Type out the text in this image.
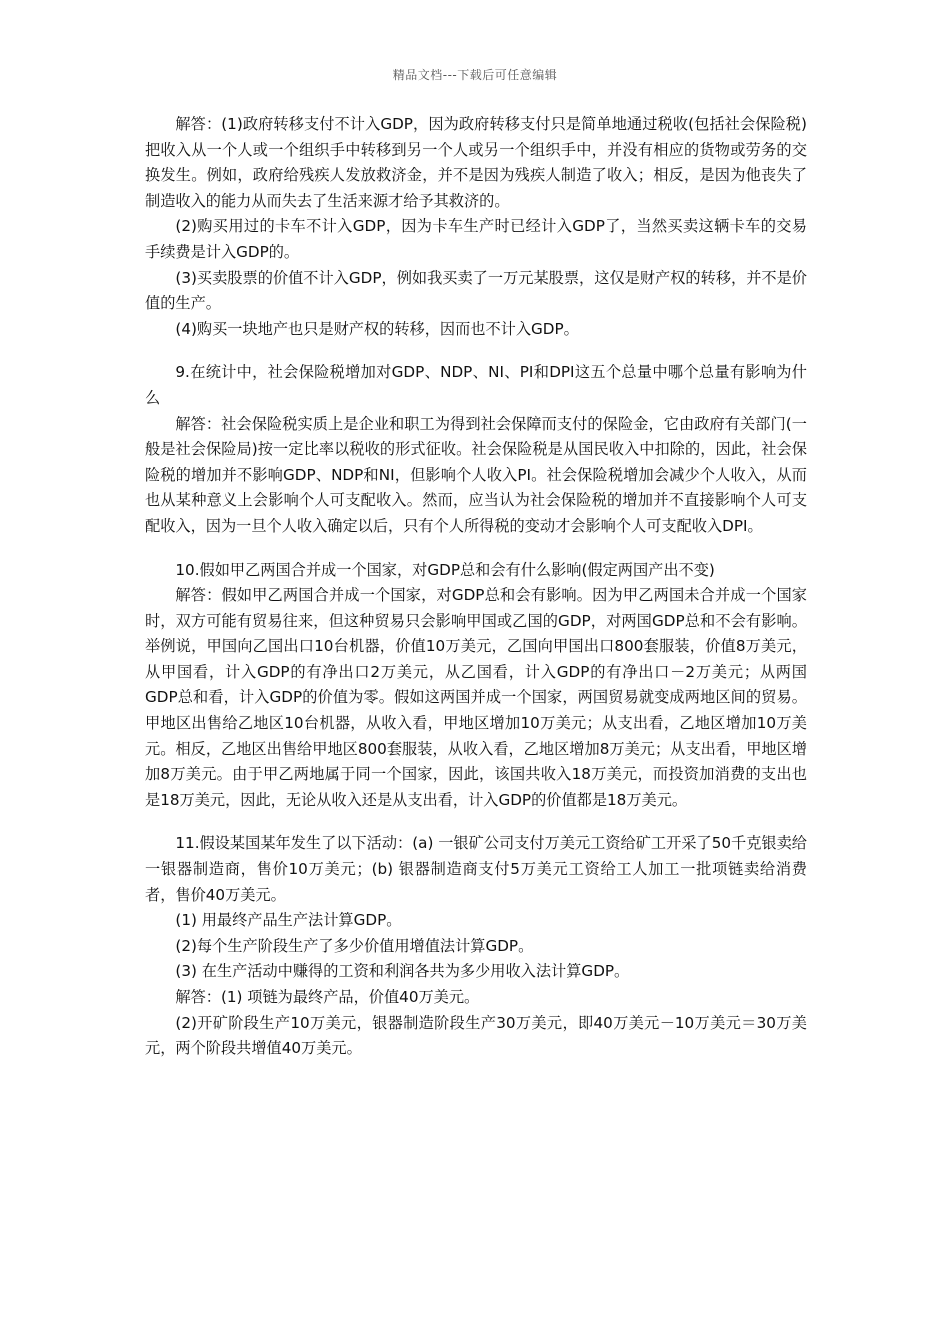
精品文档---下载后可任意编辑

解答：(1)政府转移支付不计入GDP，因为政府转移支付只是简单地通过税收(包括社会保险税)把收入从一个人或一个组织手中转移到另一个人或另一个组织手中，并没有相应的货物或劳务的交换发生。例如，政府给残疾人发放救济金，并不是因为残疾人制造了收入；相反，是因为他丧失了制造收入的能力从而失去了生活来源才给予其救济的。

(2)购买用过的卡车不计入GDP，因为卡车生产时已经计入GDP了，当然买卖这辆卡车的交易手续费是计入GDP的。

(3)买卖股票的价值不计入GDP，例如我买卖了一万元某股票，这仅是财产权的转移，并不是价值的生产。

(4)购买一块地产也只是财产权的转移，因而也不计入GDP。

9.在统计中，社会保险税增加对GDP、NDP、NI、PI和DPI这五个总量中哪个总量有影响为什么

解答：社会保险税实质上是企业和职工为得到社会保障而支付的保险金，它由政府有关部门(一般是社会保险局)按一定比率以税收的形式征收。社会保险税是从国民收入中扣除的，因此，社会保险税的增加并不影响GDP、NDP和NI，但影响个人收入PI。社会保险税增加会减少个人收入，从而也从某种意义上会影响个人可支配收入。然而，应当认为社会保险税的增加并不直接影响个人可支配收入，因为一旦个人收入确定以后，只有个人所得税的变动才会影响个人可支配收入DPI。

10.假如甲乙两国合并成一个国家，对GDP总和会有什么影响(假定两国产出不变)

解答：假如甲乙两国合并成一个国家，对GDP总和会有影响。因为甲乙两国未合并成一个国家时，双方可能有贸易往来，但这种贸易只会影响甲国或乙国的GDP，对两国GDP总和不会有影响。举例说，甲国向乙国出口10台机器，价值10万美元，乙国向甲国出口800套服装，价值8万美元，从甲国看，计入GDP的有净出口2万美元，从乙国看，计入GDP的有净出口－2万美元；从两国GDP总和看，计入GDP的价值为零。假如这两国并成一个国家，两国贸易就变成两地区间的贸易。甲地区出售给乙地区10台机器，从收入看，甲地区增加10万美元；从支出看，乙地区增加10万美元。相反，乙地区出售给甲地区800套服装，从收入看，乙地区增加8万美元；从支出看，甲地区增加8万美元。由于甲乙两地属于同一个国家，因此，该国共收入18万美元，而投资加消费的支出也是18万美元，因此，无论从收入还是从支出看，计入GDP的价值都是18万美元。

11.假设某国某年发生了以下活动：(a) 一银矿公司支付万美元工资给矿工开采了50千克银卖给一银器制造商，售价10万美元；(b) 银器制造商支付5万美元工资给工人加工一批项链卖给消费者，售价40万美元。

(1) 用最终产品生产法计算GDP。

(2)每个生产阶段生产了多少价值用增值法计算GDP。

(3) 在生产活动中赚得的工资和利润各共为多少用收入法计算GDP。

解答：(1) 项链为最终产品，价值40万美元。

(2)开矿阶段生产10万美元，银器制造阶段生产30万美元，即40万美元－10万美元＝30万美元，两个阶段共增值40万美元。
